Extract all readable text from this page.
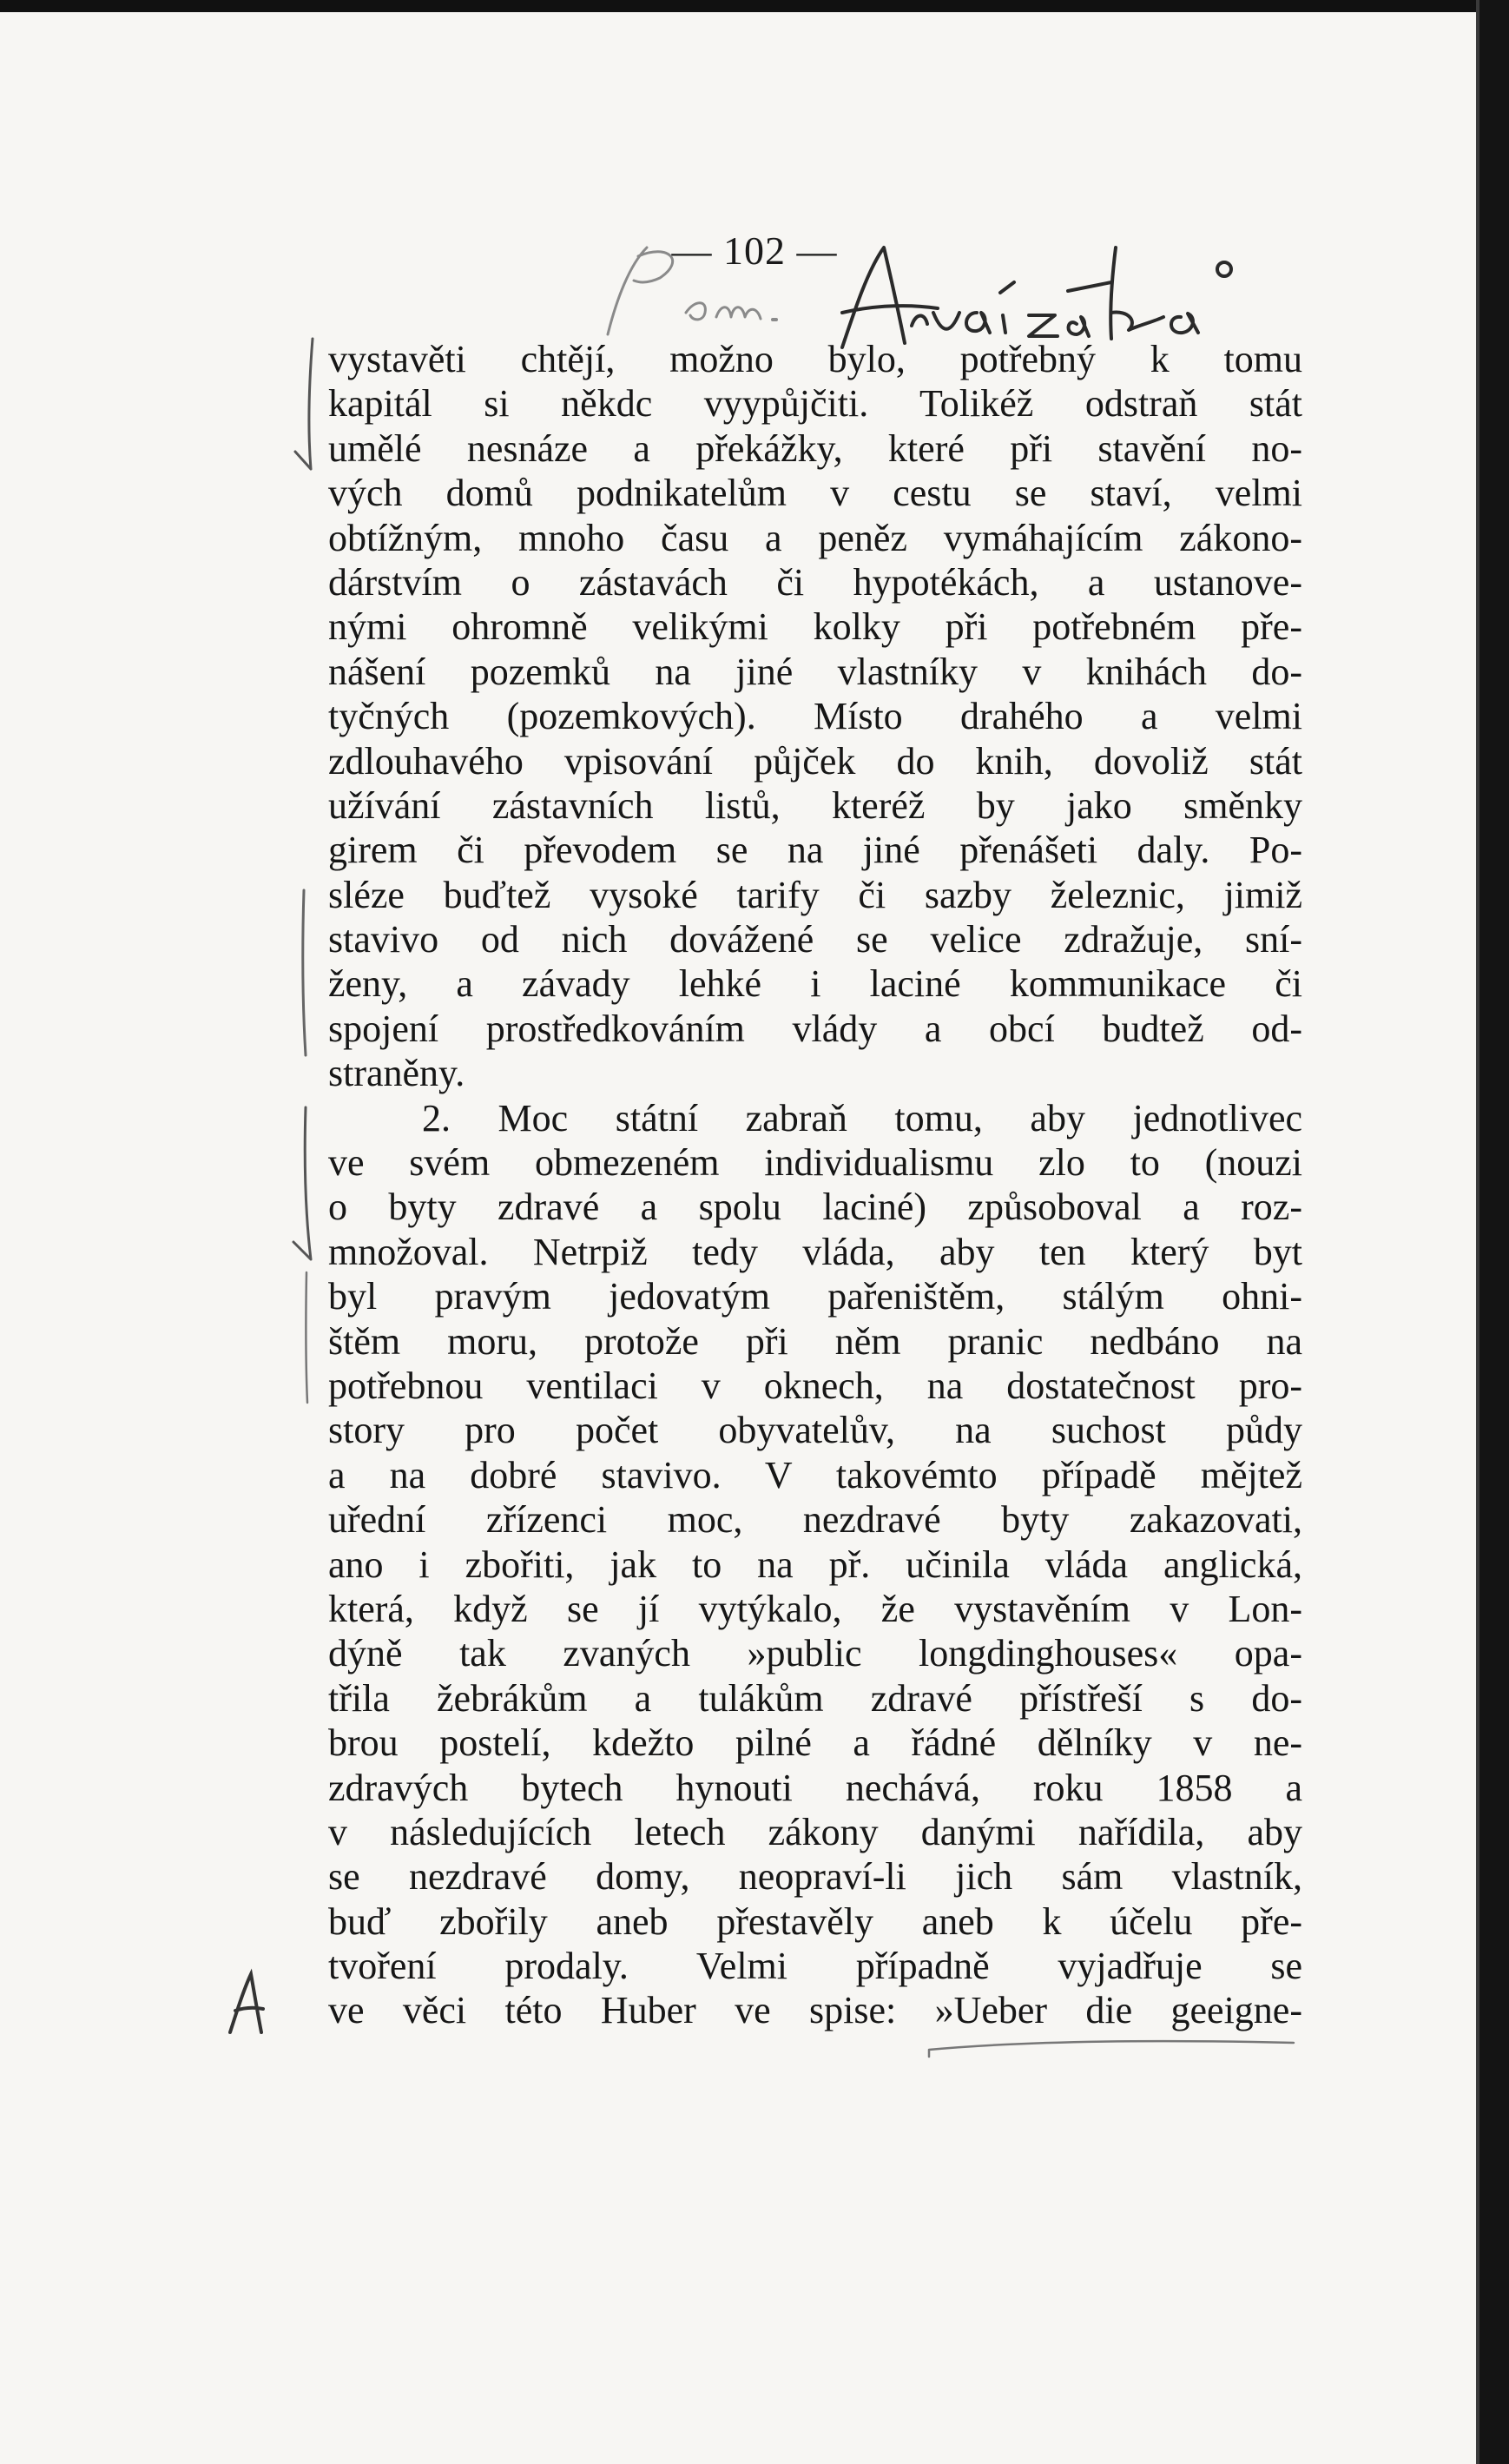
— 102 —
vystavěti chtějí, možno bylo, potřebný k tomu
kapitál si někdc vyypůjčiti. Tolikéž odstraň stát
umělé nesnáze a překážky, které při stavění no-
vých domů podnikatelům v cestu se staví, velmi
obtížným, mnoho času a peněz vymáhajícím zákono-
dárstvím o zástavách či hypotékách, a ustanove-
nými ohromně velikými kolky při potřebném pře-
nášení pozemků na jiné vlastníky v knihách do-
tyčných (pozemkových). Místo drahého a velmi
zdlouhavého vpisování půjček do knih, dovoliž stát
užívání zástavních listů, kteréž by jako směnky
girem či převodem se na jiné přenášeti daly. Po-
sléze buďtež vysoké tarify či sazby železnic, jimiž
stavivo od nich dovážené se velice zdražuje, sní-
ženy, a závady lehké i laciné kommunikace či
spojení prostředkováním vlády a obcí budtež od-
straněny.
2. Moc státní zabraň tomu, aby jednotlivec
ve svém obmezeném individualismu zlo to (nouzi
o byty zdravé a spolu laciné) způsoboval a roz-
množoval. Netrpiž tedy vláda, aby ten který byt
byl pravým jedovatým pařeništěm, stálým ohni-
štěm moru, protože při něm pranic nedbáno na
potřebnou ventilaci v oknech, na dostatečnost pro-
story pro počet obyvatelův, na suchost půdy
a na dobré stavivo. V takovémto případě mějtež
uřední zřízenci moc, nezdravé byty zakazovati,
ano i zbořiti, jak to na př. učinila vláda anglická,
která, když se jí vytýkalo, že vystavěním v Lon-
dýně tak zvaných »public longdinghouses« opa-
třila žebrákům a tulákům zdravé přístřeší s do-
brou postelí, kdežto pilné a řádné dělníky v ne-
zdravých bytech hynouti nechává, roku 1858 a
v následujících letech zákony danými nařídila, aby
se nezdravé domy, neopraví-li jich sám vlastník,
buď zbořily aneb přestavěly aneb k účelu pře-
tvoření prodaly. Velmi případně vyjadřuje se
ve věci této Huber ve spise: »Ueber die geeigne-
